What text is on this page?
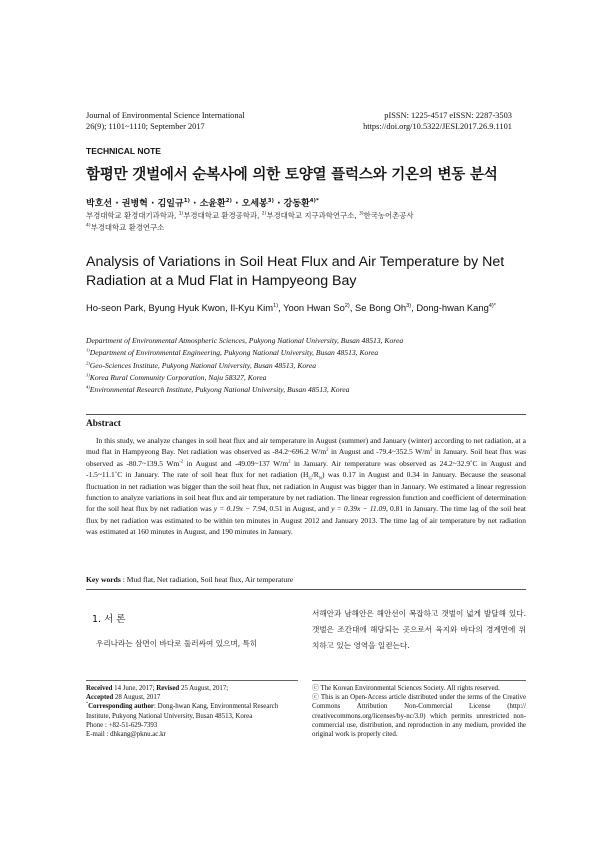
Journal of Environmental Science International
26(9); 1101~1110; September 2017
pISSN: 1225-4517 eISSN: 2287-3503
https://doi.org/10.5322/JESI.2017.26.9.1101
TECHNICAL NOTE
함평만 갯벌에서 순복사에 의한 토양열 플럭스와 기온의 변동 분석
박호선 · 권병혁 · 김일규$^{1)}$ · 소윤환$^{2)}$ · 오세봉$^{3)}$ · 강동환$^{4)*}$
부경대학교 환경대기과학과, $^{1)}$부경대학교 환경공학과, $^{2)}$부경대학교 지구과학연구소, $^{3)}$한국농어촌공사
$^{4)}$부경대학교 환경연구소
Analysis of Variations in Soil Heat Flux and Air Temperature by Net Radiation at a Mud Flat in Hampyeong Bay
Ho-seon Park, Byung Hyuk Kwon, Il-Kyu Kim$^{1)}$, Yoon Hwan So$^{2)}$, Se Bong Oh$^{3)}$, Dong-hwan Kang$^{4)*}$
Department of Environmental Atmospheric Sciences, Pukyong National University, Busan 48513, Korea
$^{1)}$Department of Environmental Engineering, Pukyong National University, Busan 48513, Korea
$^{2)}$Geo-Sciences Institute, Pukyong National University, Busan 48513, Korea
$^{3)}$Korea Rural Community Corporation, Naju 58327, Korea
$^{4)}$Environmental Research Institute, Pukyong National University, Busan 48513, Korea
Abstract
In this study, we analyze changes in soil heat flux and air temperature in August (summer) and January (winter) according to net radiation, at a mud flat in Hampyeong Bay. Net radiation was observed as -84.2~696.2 $W/m^2$ in August and -79.4~352.5 $W/m^2$ in January. Soil heat flux was observed as -80.7~139.5 $Wm^{-2}$ in August and -49.09~137 $W/m^2$ in January. Air temperature was observed as 24.2~32.9˚C in August and -1.5~11.1˚C in January. The rate of soil heat flux for net radiation $(H_G/R_N)$ was 0.17 in August and 0.34 in January. Because the seasonal fluctuation in net radiation was bigger than the soil heat flux, net radiation in August was bigger than in January. We estimated a linear regression function to analyze variations in soil heat flux and air temperature by net radiation. The linear regression function and coefficient of determination for the soil heat flux by net radiation was y = 0.19x − 7.94, 0.51 in August, and y = 0.39x − 11.09, 0.81 in January. The time lag of the soil heat flux by net radiation was estimated to be within ten minutes in August 2012 and January 2013. The time lag of air temperature by net radiation was estimated at 160 minutes in August, and 190 minutes in January.
Key words : Mud flat, Net radiation, Soil heat flux, Air temperature
1. 서 론
우리나라는 삼면이 바다로 둘러싸여 있으며, 특히
서해안과 남해안은 해안선이 복잡하고 갯벌이 넓게 발달해 있다. 갯벌은 조간대에 해당되는 곳으로서 육지와 바다의 경계면에 위치하고 있는 영역을 일컫는다.
Received 14 June, 2017; Revised 25 August, 2017;
Accepted 28 August, 2017
*Corresponding author: Dong-hwan Kang, Environmental Research Institute, Pukyong National University, Busan 48513, Korea
Phone : +82-51-629-7393
E-mail : dhkang@pknu.ac.kr
ⓒ The Korean Environmental Sciences Society. All rights reserved.
ⓒ This is an Open-Access article distributed under the terms of the Creative Commons Attribution Non-Commercial License (http:// creativecommons.org/licenses/by-nc/3.0) which permits unrestricted non-commercial use, distribution, and reproduction in any medium, provided the original work is properly cited.
